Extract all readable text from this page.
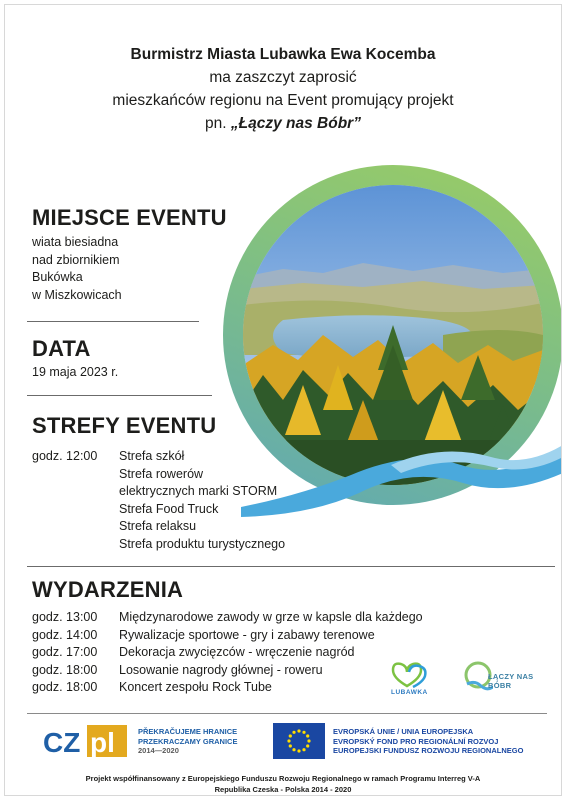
Burmistrz Miasta Lubawka Ewa Kocemba
ma zaszczyt zaprosić
mieszkańców regionu na Event promujący projekt
pn. „Łączy nas Bóbr”
MIEJSCE EVENTU
wiata biesiadna
nad zbiornikiem
Bukówka
w Miszkowicach
DATA
19 maja 2023 r.
STREFY EVENTU
godz. 12:00	Strefa szkół
Strefa rowerów
elektrycznych marki STORM
Strefa Food Truck
Strefa relaksu
Strefa produktu turystycznego
WYDARZENIA
godz. 13:00	Międzynarodowe zawody w grze w kapsle dla każdego
godz. 14:00	Rywalizacje sportowe - gry i zabawy terenowe
godz. 17:00	Dekoracja zwycięzców - wręczenie nagród
godz. 18:00	Losowanie nagrody głównej - roweru
godz. 18:00	Koncert zespołu Rock Tube	LUBAWKA
ŁĄCZY NAS
BÓBR
CZ pl	PŘEKRAČUJEME HRANICE
PRZEKRACZAMY GRANICE
2014—2020
EVROPSKÁ UNIE / UNIA EUROPEJSKA
EVROPSKÝ FOND PRO REGIONÁLNÍ ROZVOJ
EUROPEJSKI FUNDUSZ ROZWOJU REGIONALNEGO
Projekt współfinansowany z Europejskiego Funduszu Rozwoju Regionalnego w ramach Programu Interreg V-A
Republika Czeska - Polska 2014 - 2020
